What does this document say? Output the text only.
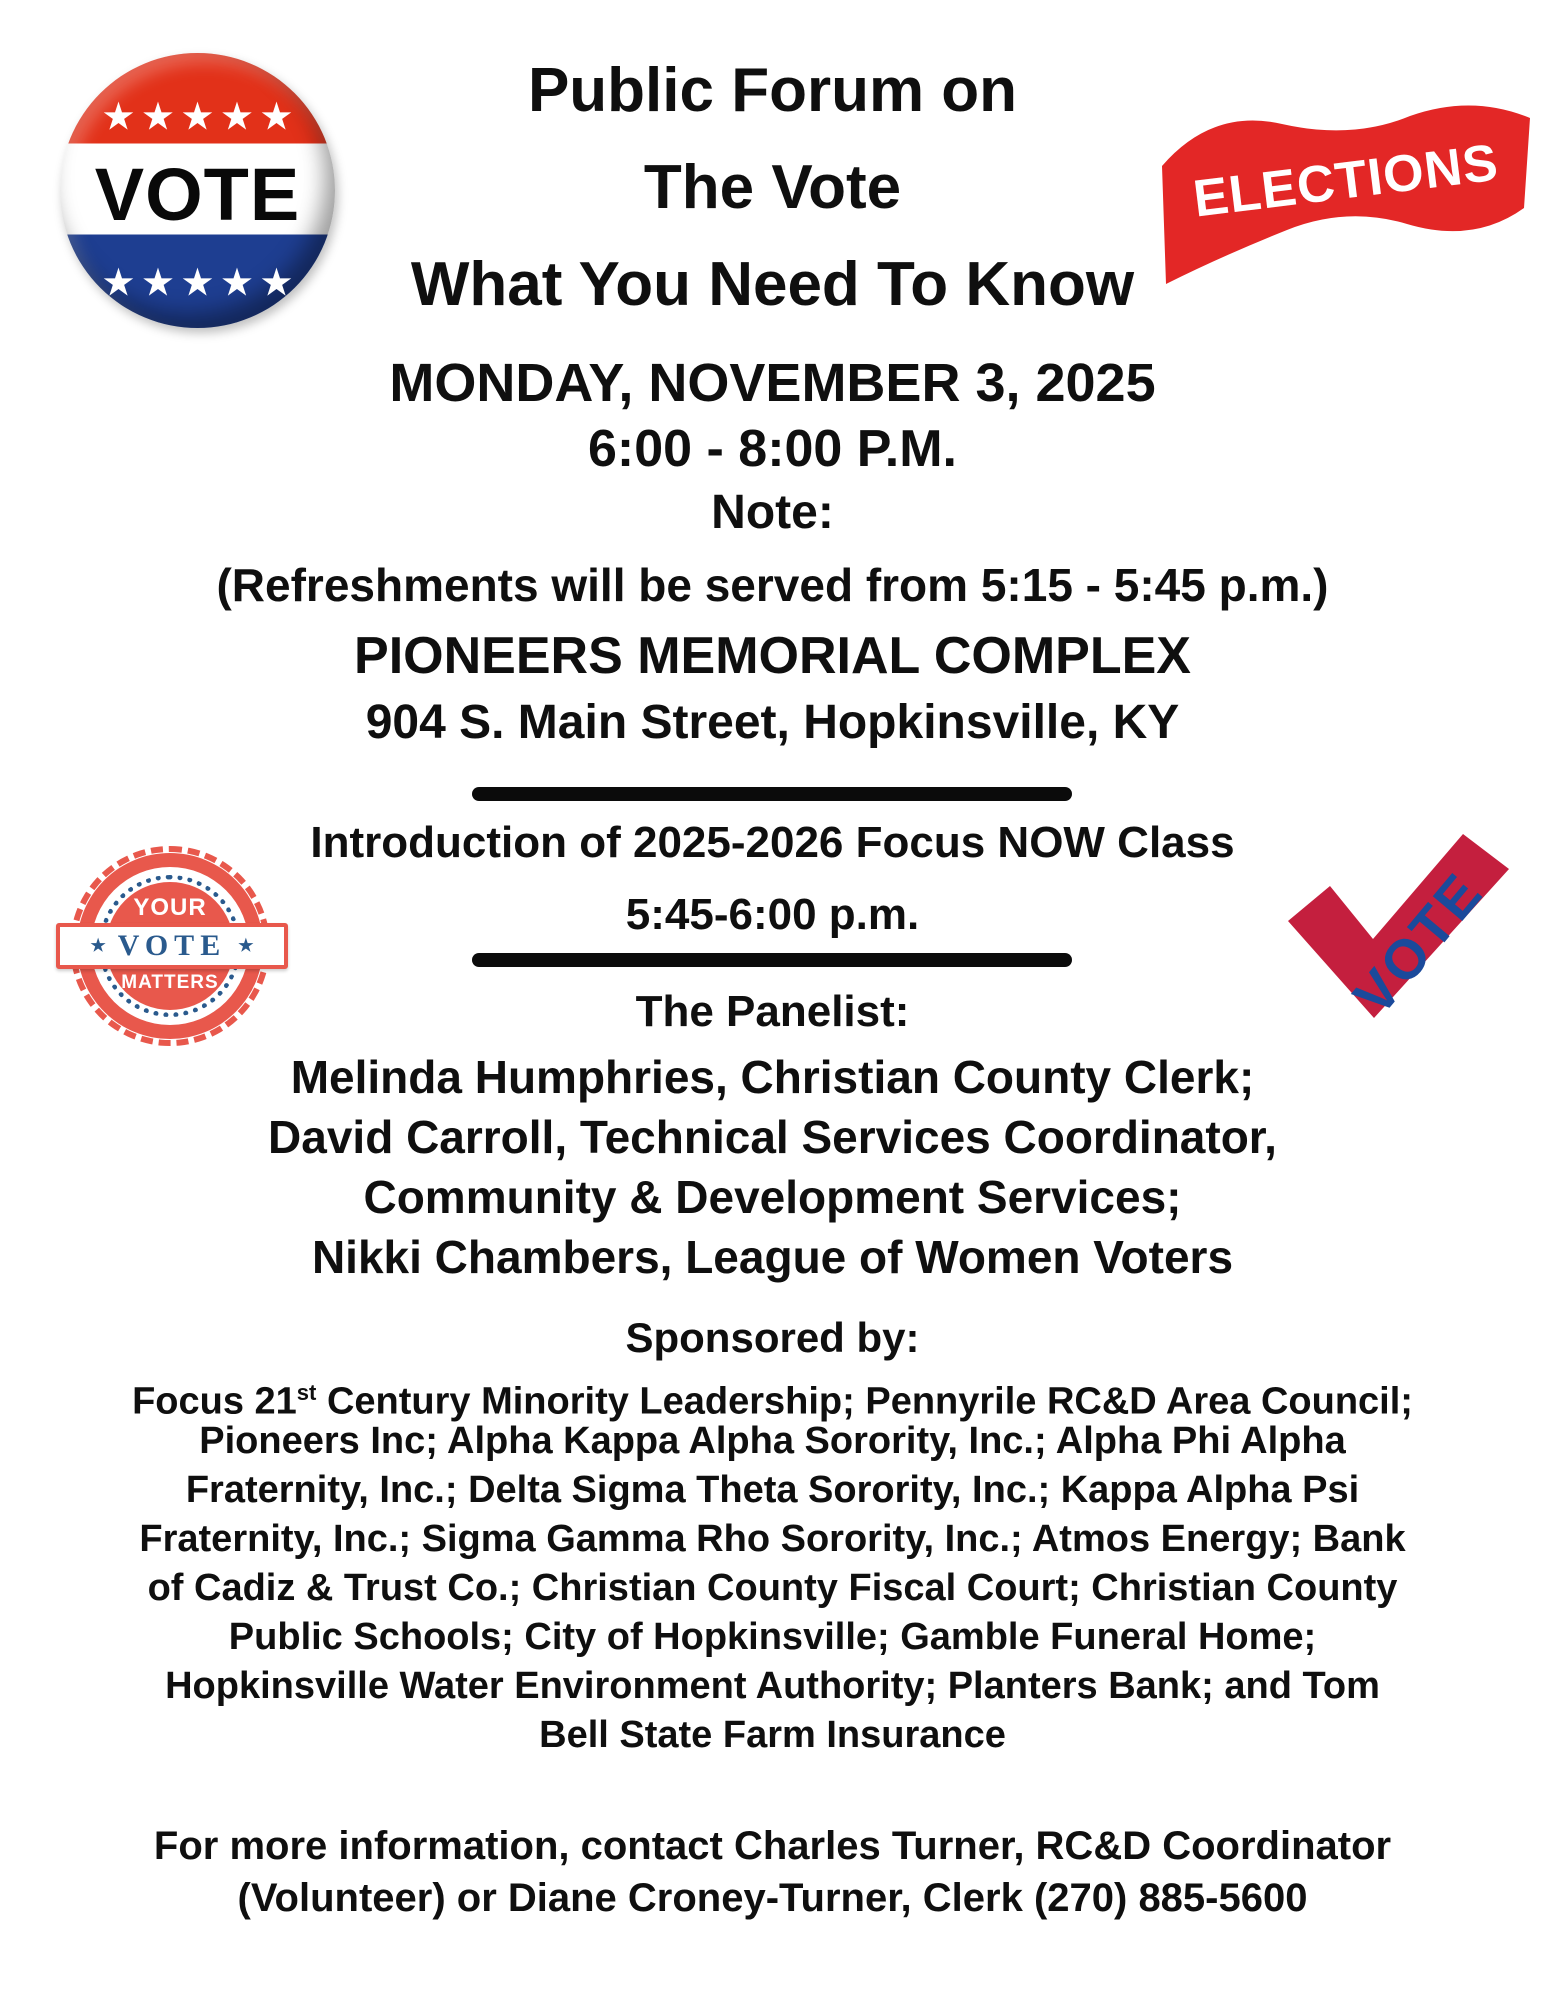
★★★★★
VOTE
★★★★★
ELECTIONS
Public Forum on
The Vote
What You Need To Know
MONDAY, NOVEMBER 3, 2025
6:00 - 8:00 P.M.
Note:
(Refreshments will be served from 5:15 - 5:45 p.m.)
PIONEERS MEMORIAL COMPLEX
904 S. Main Street, Hopkinsville, KY
Introduction of 2025-2026 Focus NOW Class
5:45-6:00 p.m.
YOUR
★ VOTE ★
MATTERS	VOTE
The Panelist:
Melinda Humphries, Christian County Clerk;
David Carroll, Technical Services Coordinator,
Community & Development Services;
Nikki Chambers, League of Women Voters
Sponsored by:
Focus 21st Century Minority Leadership; Pennyrile RC&D Area Council;
Pioneers Inc; Alpha Kappa Alpha Sorority, Inc.; Alpha Phi Alpha
Fraternity, Inc.; Delta Sigma Theta Sorority, Inc.; Kappa Alpha Psi
Fraternity, Inc.; Sigma Gamma Rho Sorority, Inc.; Atmos Energy; Bank
of Cadiz & Trust Co.; Christian County Fiscal Court; Christian County
Public Schools; City of Hopkinsville; Gamble Funeral Home;
Hopkinsville Water Environment Authority; Planters Bank; and Tom
Bell State Farm Insurance
For more information, contact Charles Turner, RC&D Coordinator
(Volunteer) or Diane Croney-Turner, Clerk (270) 885-5600
